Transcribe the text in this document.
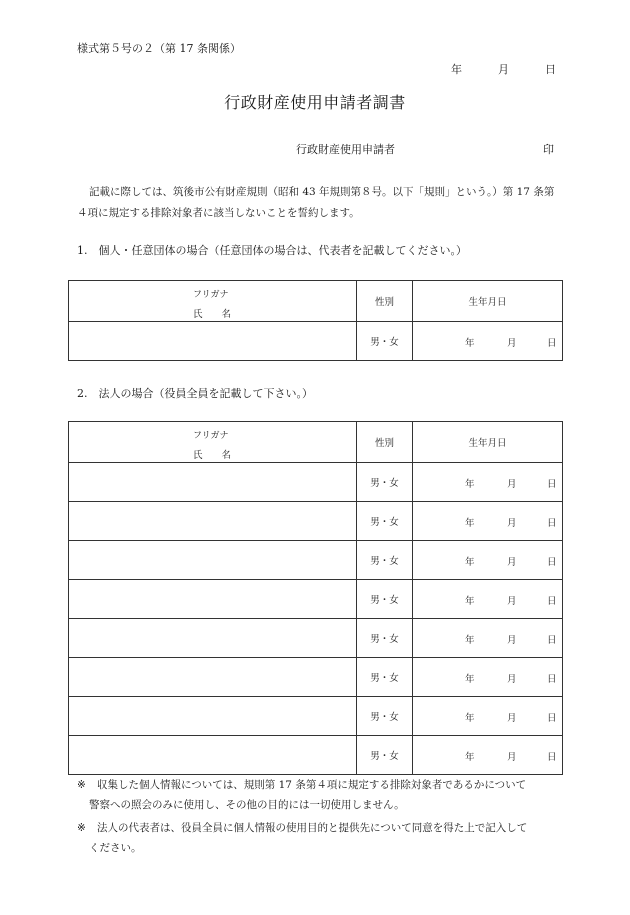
様式第５号の２（第 17 条関係）
年	月	日
行政財産使用申請者調書
行政財産使用申請者	印
記載に際しては、筑後市公有財産規則（昭和 43 年規則第８号。以下「規則」という。）第 17 条第４項に規定する排除対象者に該当しないことを誓約します。
1.　個人・任意団体の場合（任意団体の場合は、代表者を記載してください。）
フリガナ
氏　　名	性別	生年月日
	男・女	年 月 日
2.　法人の場合（役員全員を記載して下さい。）
フリガナ
氏　　名	性別	生年月日
	男・女	年 月 日

	男・女	年 月 日

	男・女	年 月 日

	男・女	年 月 日

	男・女	年 月 日

	男・女	年 月 日

	男・女	年 月 日

	男・女	年 月 日
※ 収集した個人情報については、規則第 17 条第４項に規定する排除対象者であるかについて
警察への照会のみに使用し、その他の目的には一切使用しません。
※ 法人の代表者は、役員全員に個人情報の使用目的と提供先について同意を得た上で記入して
ください。
